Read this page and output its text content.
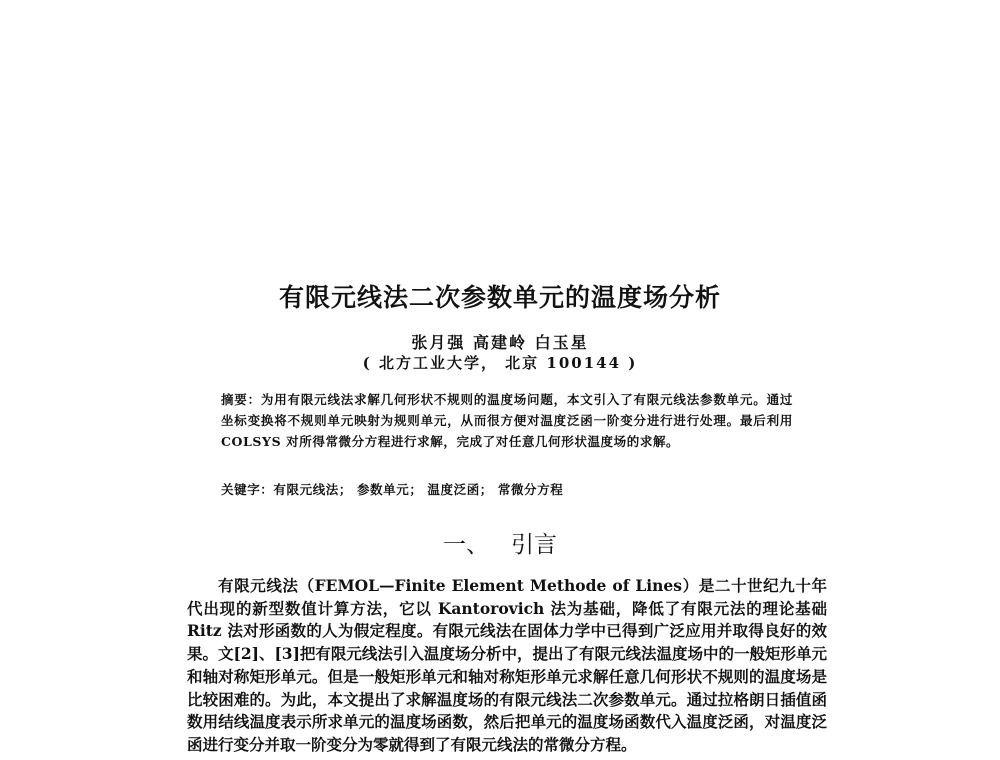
有限元线法二次参数单元的温度场分析
张月强 高建岭 白玉星
( 北方工业大学， 北京 100144 )
摘要：为用有限元线法求解几何形状不规则的温度场问题，本文引入了有限元线法参数单元。通过坐标变换将不规则单元映射为规则单元，从而很方便对温度泛函一阶变分进行进行处理。最后利用 COLSYS 对所得常微分方程进行求解，完成了对任意几何形状温度场的求解。
关键字：有限元线法； 参数单元； 温度泛函； 常微分方程
一、 引言

有限元线法（FEMOL—Finite Element Methode of Lines）是二十世纪九十年代出现的新型数值计算方法，它以 Kantorovich 法为基础，降低了有限元法的理论基础 Ritz 法对形函数的人为假定程度。有限元线法在固体力学中已得到广泛应用并取得良好的效果。文[2]、[3]把有限元线法引入温度场分析中，提出了有限元线法温度场中的一般矩形单元和轴对称矩形单元。但是一般矩形单元和轴对称矩形单元求解任意几何形状不规则的温度场是比较困难的。为此，本文提出了求解温度场的有限元线法二次参数单元。通过拉格朗日插值函数用结线温度表示所求单元的温度场函数，然后把单元的温度场函数代入温度泛函，对温度泛函进行变分并取一阶变分为零就得到了有限元线法的常微分方程。
